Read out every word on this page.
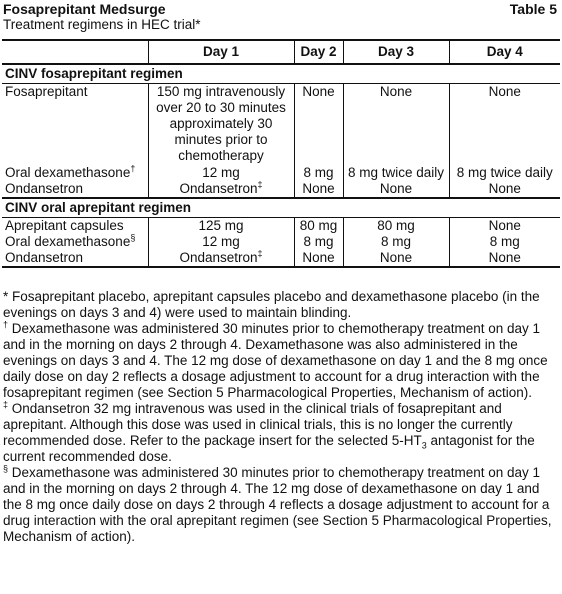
Fosaprepitant Medsurge	Table 5
Treatment regimens in HEC trial*
	Day 1	Day 2	Day 3	Day 4
CINV fosaprepitant regimen				
Fosaprepitant	150 mg intravenously over 20 to 30 minutes approximately 30 minutes prior to chemotherapy	None	None	None
Oral dexamethasone†	12 mg	8 mg	8 mg twice daily	8 mg twice daily
Ondansetron	Ondansetron‡	None	None	None
CINV oral aprepitant regimen				
Aprepitant capsules	125 mg	80 mg	80 mg	None
Oral dexamethasone§	12 mg	8 mg	8 mg	8 mg
Ondansetron	Ondansetron‡	None	None	None

* Fosaprepitant placebo, aprepitant capsules placebo and dexamethasone placebo (in the evenings on days 3 and 4) were used to maintain blinding.

† Dexamethasone was administered 30 minutes prior to chemotherapy treatment on day 1 and in the morning on days 2 through 4. Dexamethasone was also administered in the evenings on days 3 and 4. The 12 mg dose of dexamethasone on day 1 and the 8 mg once daily dose on day 2 reflects a dosage adjustment to account for a drug interaction with the fosaprepitant regimen (see Section 5 Pharmacological Properties, Mechanism of action).

‡ Ondansetron 32 mg intravenous was used in the clinical trials of fosaprepitant and aprepitant. Although this dose was used in clinical trials, this is no longer the currently recommended dose. Refer to the package insert for the selected $5-HT_3$ antagonist for the current recommended dose.

§ Dexamethasone was administered 30 minutes prior to chemotherapy treatment on day 1 and in the morning on days 2 through 4. The 12 mg dose of dexamethasone on day 1 and the 8 mg once daily dose on days 2 through 4 reflects a dosage adjustment to account for a drug interaction with the oral aprepitant regimen (see Section 5 Pharmacological Properties, Mechanism of action).
